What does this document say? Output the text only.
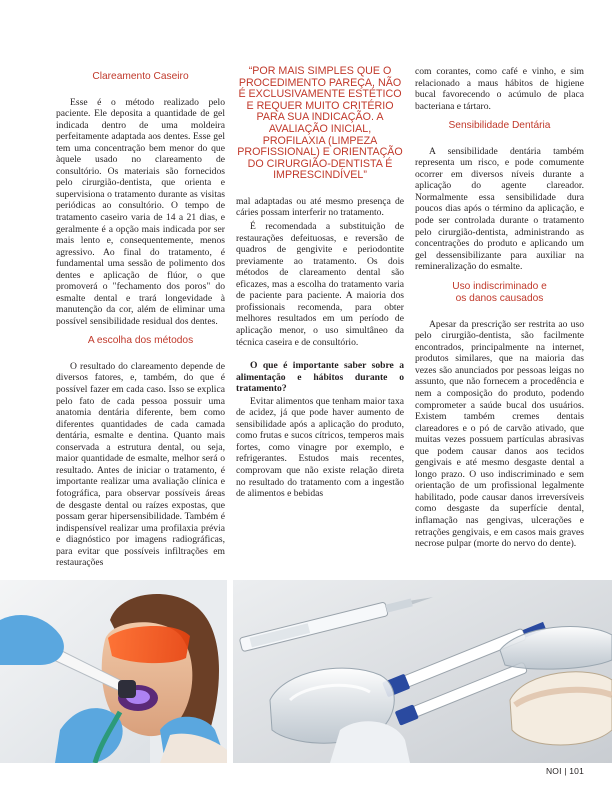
Clareamento Caseiro

Esse é o método realizado pelo paciente. Ele deposita a quantidade de gel indicada dentro de uma moldeira perfeitamente adaptada aos dentes. Esse gel tem uma concentração bem menor do que àquele usado no clareamento de consultório. Os materiais são fornecidos pelo cirurgião-dentista, que orienta e supervisiona o tratamento durante as visitas periódicas ao consultório. O tempo de tratamento caseiro varia de 14 a 21 dias, e geralmente é a opção mais indicada por ser mais lento e, consequentemente, menos agressivo. Ao final do tratamento, é fundamental uma sessão de polimento dos dentes e aplicação de flúor, o que promoverá o "fechamento dos poros" do esmalte dental e trará longevidade à manutenção da cor, além de eliminar uma possível sensibilidade residual dos dentes.

A escolha dos métodos

O resultado do clareamento depende de diversos fatores, e, também, do que é possível fazer em cada caso. Isso se explica pelo fato de cada pessoa possuir uma anatomia dentária diferente, bem como diferentes quantidades de cada camada dentária, esmalte e dentina. Quanto mais conservada a estrutura dental, ou seja, maior quantidade de esmalte, melhor será o resultado. Antes de iniciar o tratamento, é importante realizar uma avaliação clínica e fotográfica, para observar possíveis áreas de desgaste dental ou raízes expostas, que possam gerar hipersensibilidade. Também é indispensível realizar uma profilaxia prévia e diagnóstico por imagens radiográficas, para evitar que possíveis infiltrações em restaurações

“POR MAIS SIMPLES QUE O PROCEDIMENTO PAREÇA, NÃO É EXCLUSIVAMENTE ESTÉTICO E REQUER MUITO CRITÉRIO PARA SUA INDICAÇÃO. A AVALIAÇÃO INICIAL, PROFILAXIA (LIMPEZA PROFISSIONAL) E ORIENTAÇÃO DO CIRURGIÃO-DENTISTA É IMPRESCINDÍVEL”

mal adaptadas ou até mesmo presença de cáries possam interferir no tratamento.

É recomendada a substituição de restaurações defeituosas, e reversão de quadros de gengivite e periodontite previamente ao tratamento. Os dois métodos de clareamento dental são eficazes, mas a escolha do tratamento varia de paciente para paciente. A maioria dos profissionais recomenda, para obter melhores resultados em um período de aplicação menor, o uso simultâneo da técnica caseira e de consultório.

O que é importante saber sobre a alimentação e hábitos durante o tratamento?

Evitar alimentos que tenham maior taxa de acidez, já que pode haver aumento de sensibilidade após a aplicação do produto, como frutas e sucos cítricos, temperos mais fortes, como vinagre por exemplo, e refrigerantes. Estudos mais recentes, comprovam que não existe relação direta no resultado do tratamento com a ingestão de alimentos e bebidas

com corantes, como café e vinho, e sim relacionado a maus hábitos de higiene bucal favorecendo o acúmulo de placa bacteriana e tártaro.

Sensibilidade Dentária

A sensibilidade dentária também representa um risco, e pode comumente ocorrer em diversos níveis durante a aplicação do agente clareador. Normalmente essa sensibilidade dura poucos dias após o término da aplicação, e pode ser controlada durante o tratamento pelo cirurgião-dentista, administrando as concentrações do produto e aplicando um gel dessensibilizante para auxiliar na remineralização do esmalte.

Uso indiscriminado e
os danos causados

Apesar da prescrição ser restrita ao uso pelo cirurgião-dentista, são facilmente encontrados, principalmente na internet, produtos similares, que na maioria das vezes são anunciados por pessoas leigas no assunto, que não fornecem a procedência e nem a composição do produto, podendo comprometer a saúde bucal dos usuários. Existem também cremes dentais clareadores e o pó de carvão ativado, que muitas vezes possuem partículas abrasivas que podem causar danos aos tecidos gengivais e até mesmo desgaste dental a longo prazo. O uso indiscriminado e sem orientação de um profissional legalmente habilitado, pode causar danos irreversíveis como desgaste da superfície dental, inflamação nas gengivas, ulcerações e retrações gengivais, e em casos mais graves necrose pulpar (morte do nervo do dente).

NOI | 101
